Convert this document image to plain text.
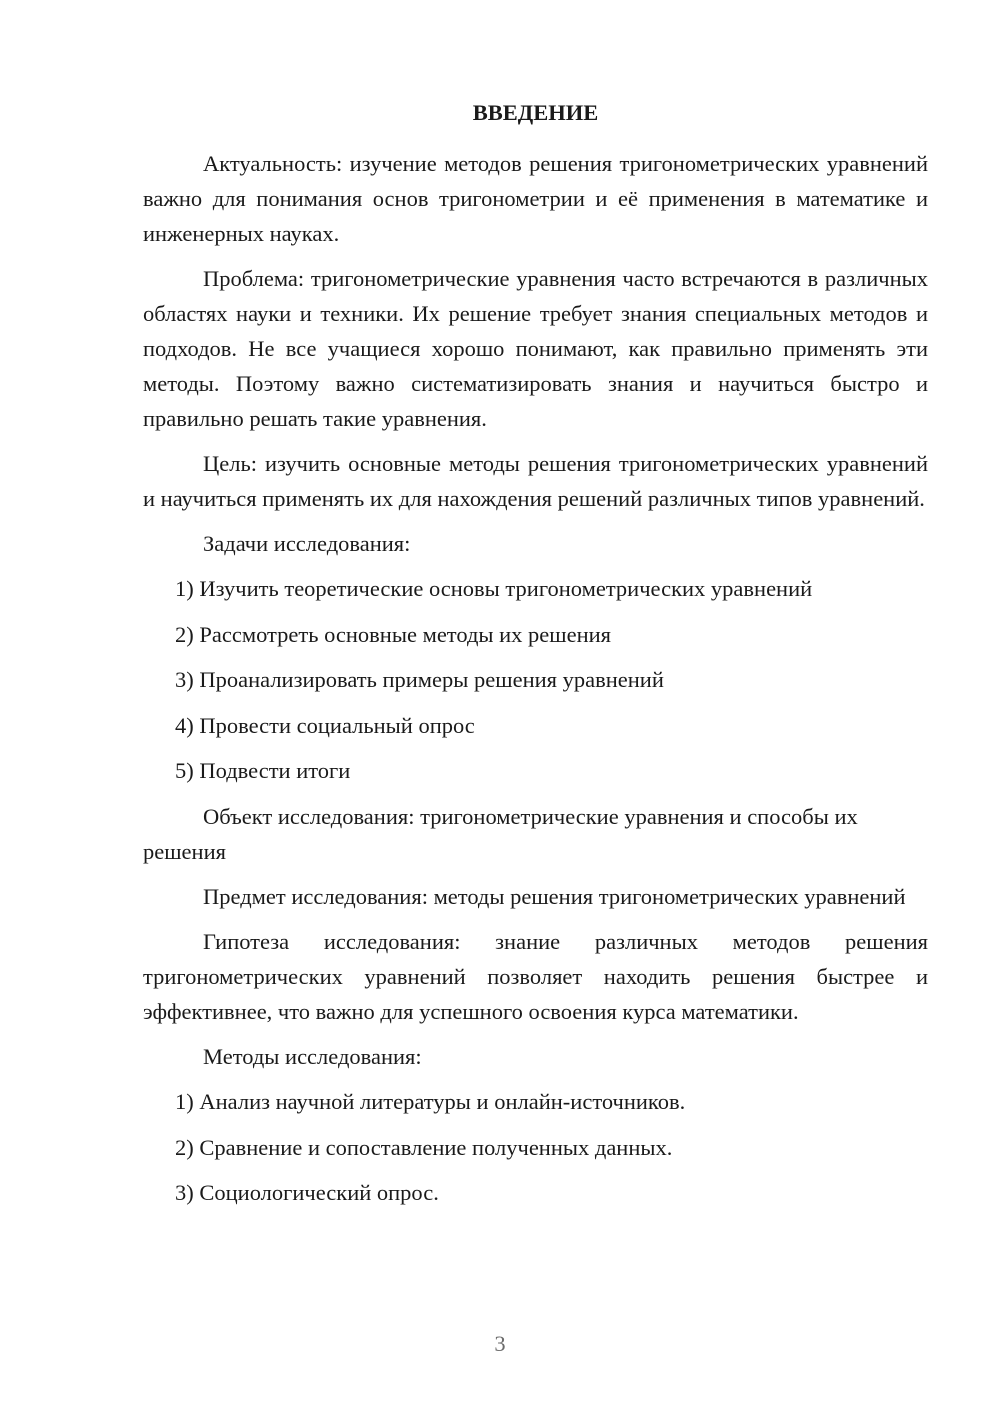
ВВЕДЕНИЕ
Актуальность: изучение методов решения тригонометрических уравнений важно для понимания основ тригонометрии и её применения в математике и инженерных науках.
Проблема: тригонометрические уравнения часто встречаются в различных областях науки и техники. Их решение требует знания специальных методов и подходов. Не все учащиеся хорошо понимают, как правильно применять эти методы. Поэтому важно систематизировать знания и научиться быстро и правильно решать такие уравнения.
Цель: изучить основные методы решения тригонометрических уравнений и научиться применять их для нахождения решений различных типов уравнений.
Задачи исследования:
1) Изучить теоретические основы тригонометрических уравнений
2) Рассмотреть основные методы их решения
3) Проанализировать примеры решения уравнений
4) Провести социальный опрос
5) Подвести итоги
Объект исследования: тригонометрические уравнения и способы их решения
Предмет исследования: методы решения тригонометрических уравнений
Гипотеза исследования: знание различных методов решения тригонометрических уравнений позволяет находить решения быстрее и эффективнее, что важно для успешного освоения курса математики.
Методы исследования:
1) Анализ научной литературы и онлайн-источников.
2) Сравнение и сопоставление полученных данных.
3) Социологический опрос.
3
